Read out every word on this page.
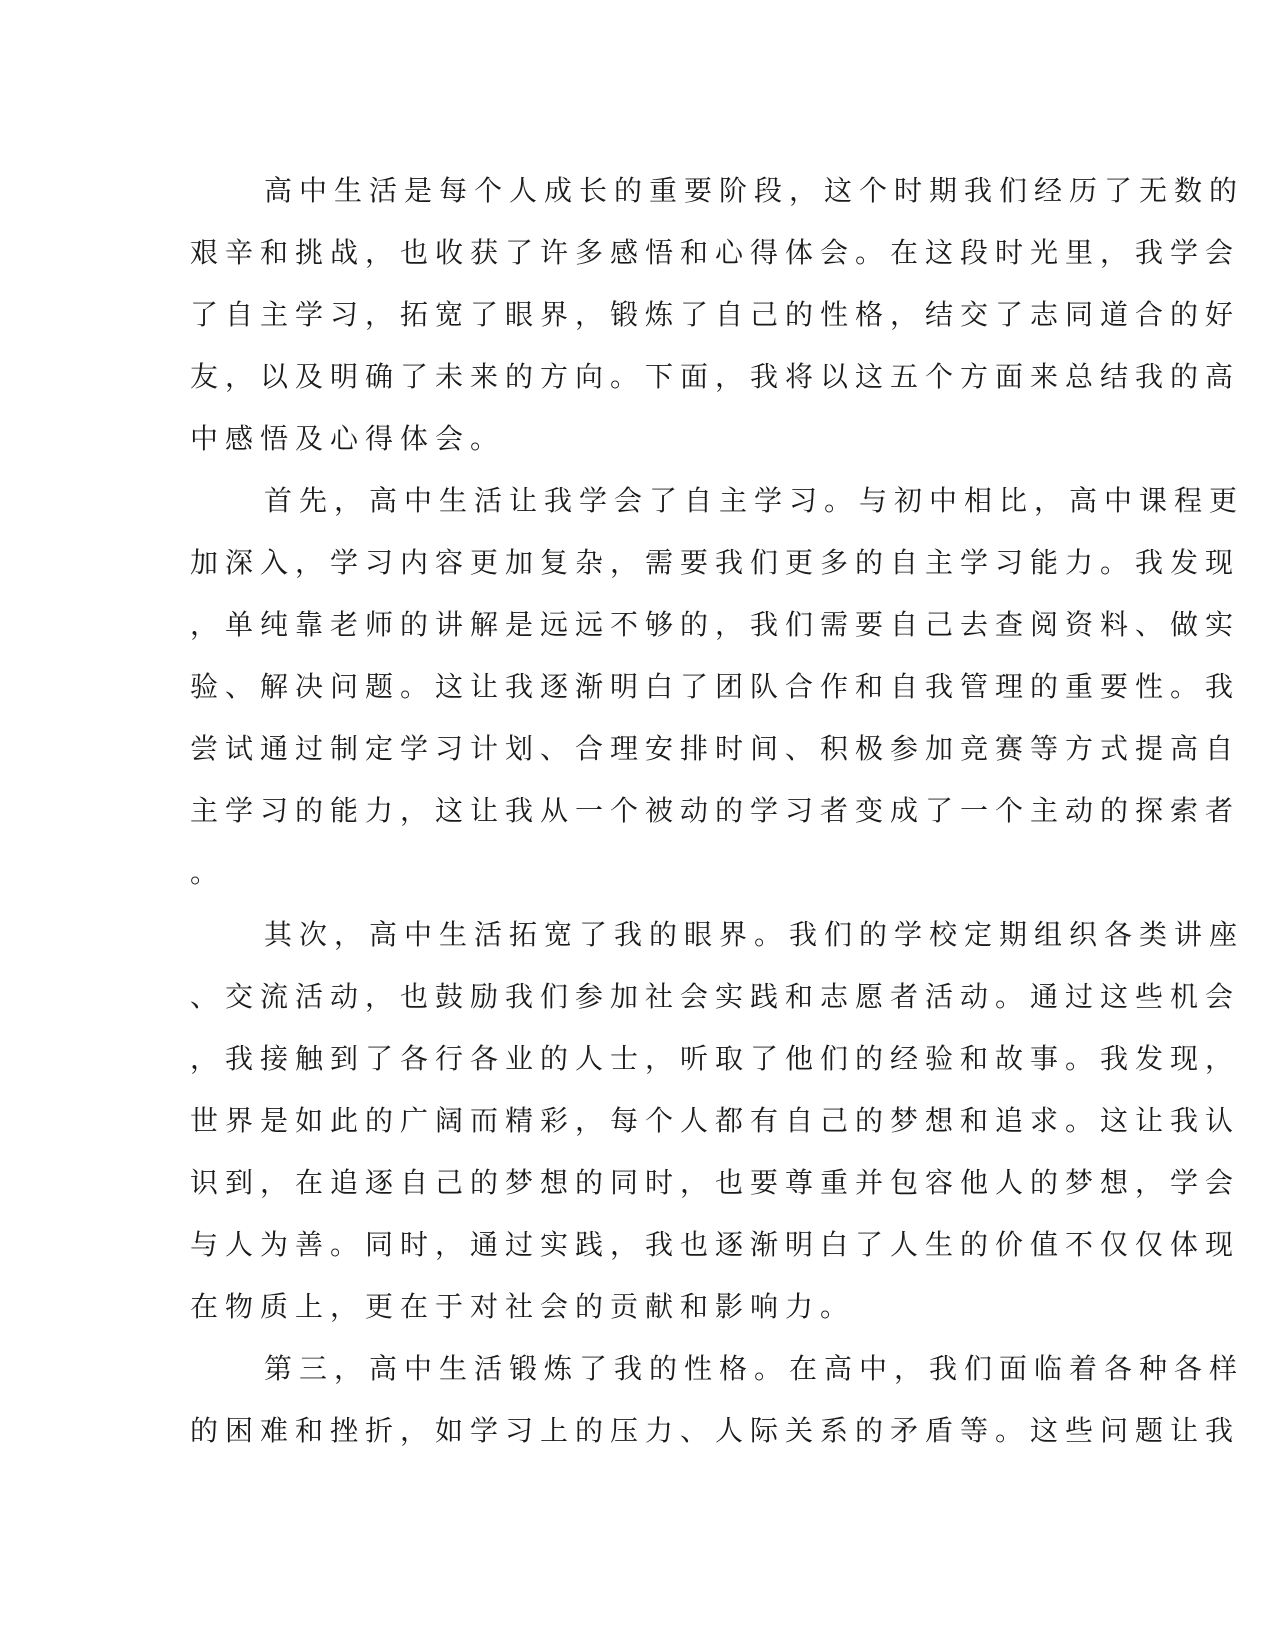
高中生活是每个人成长的重要阶段，这个时期我们经历了无数的
艰辛和挑战，也收获了许多感悟和心得体会。在这段时光里，我学会
了自主学习，拓宽了眼界，锻炼了自己的性格，结交了志同道合的好
友，以及明确了未来的方向。下面，我将以这五个方面来总结我的高
中感悟及心得体会。
首先，高中生活让我学会了自主学习。与初中相比，高中课程更
加深入，学习内容更加复杂，需要我们更多的自主学习能力。我发现
，单纯靠老师的讲解是远远不够的，我们需要自己去查阅资料、做实
验、解决问题。这让我逐渐明白了团队合作和自我管理的重要性。我
尝试通过制定学习计划、合理安排时间、积极参加竞赛等方式提高自
主学习的能力，这让我从一个被动的学习者变成了一个主动的探索者
。
其次，高中生活拓宽了我的眼界。我们的学校定期组织各类讲座
、交流活动，也鼓励我们参加社会实践和志愿者活动。通过这些机会
，我接触到了各行各业的人士，听取了他们的经验和故事。我发现，
世界是如此的广阔而精彩，每个人都有自己的梦想和追求。这让我认
识到，在追逐自己的梦想的同时，也要尊重并包容他人的梦想，学会
与人为善。同时，通过实践，我也逐渐明白了人生的价值不仅仅体现
在物质上，更在于对社会的贡献和影响力。
第三，高中生活锻炼了我的性格。在高中，我们面临着各种各样
的困难和挫折，如学习上的压力、人际关系的矛盾等。这些问题让我
